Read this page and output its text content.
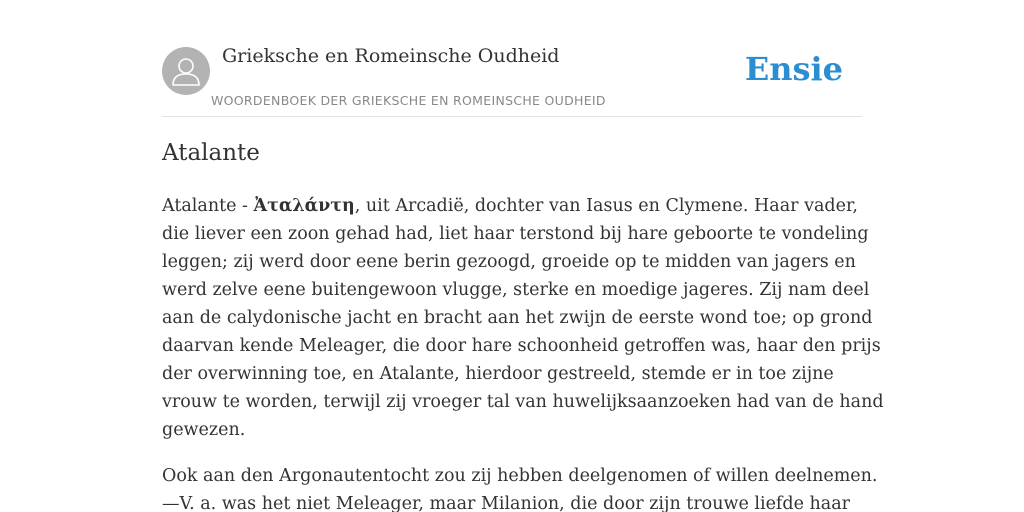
Grieksche en Romeinsche Oudheid
WOORDENBOEK DER GRIEKSCHE EN ROMEINSCHE OUDHEID
Ensie
Atalante

Atalante - Ἀταλάντη, uit Arcadië, dochter van Iasus en Clymene. Haar vader,
die liever een zoon gehad had, liet haar terstond bij hare geboorte te vondeling
leggen; zij werd door eene berin gezoogd, groeide op te midden van jagers en
werd zelve eene buitengewoon vlugge, sterke en moedige jageres. Zij nam deel
aan de calydonische jacht en bracht aan het zwijn de eerste wond toe; op grond
daarvan kende Meleager, die door hare schoonheid getroffen was, haar den prijs
der overwinning toe, en Atalante, hierdoor gestreeld, stemde er in toe zijne
vrouw te worden, terwijl zij vroeger tal van huwelijksaanzoeken had van de hand
gewezen.

Ook aan den Argonautentocht zou zij hebben deelgenomen of willen deelnemen.
—V. a. was het niet Meleager, maar Milanion, die door zijn trouwe liefde haar
